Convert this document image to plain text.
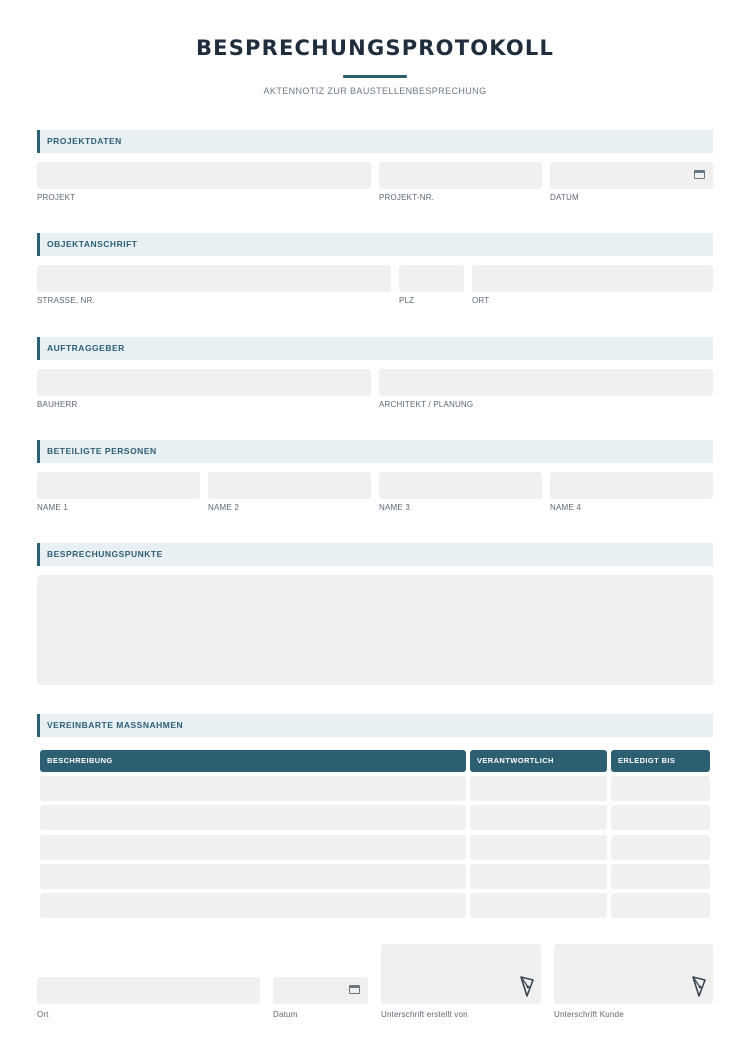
BESPRECHUNGSPROTOKOLL
AKTENNOTIZ ZUR BAUSTELLENBESPRECHUNG
PROJEKTDATEN
PROJEKT	PROJEKT-NR.	DATUM
OBJEKTANSCHRIFT
STRASSE, NR.	PLZ	ORT
AUFTRAGGEBER
BAUHERR	ARCHITEKT / PLANUNG
BETEILIGTE PERSONEN
NAME 1	NAME 2	NAME 3	NAME 4
BESPRECHUNGSPUNKTE
VEREINBARTE MASSNAHMEN
BESCHREIBUNG	VERANTWORTLICH	ERLEDIGT BIS
Ort	Datum	Unterschrift erstellt von	Unterschrift Kunde
